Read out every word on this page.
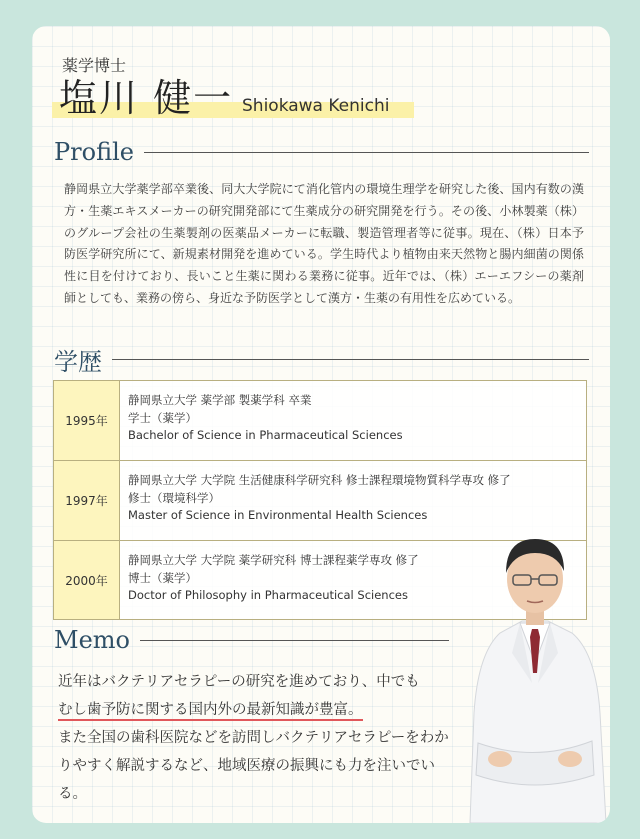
薬学博士
塩川 健一 Shiokawa Kenichi
Profile
静岡県立大学薬学部卒業後、同大大学院にて消化管内の環境生理学を研究した後、国内有数の漢方・生薬エキスメーカーの研究開発部にて生薬成分の研究開発を行う。その後、小林製薬（株）のグループ会社の生薬製剤の医薬品メーカーに転職、製造管理者等に従事。現在、（株）日本予防医学研究所にて、新規素材開発を進めている。学生時代より植物由来天然物と腸内細菌の関係性に目を付けており、長いこと生薬に関わる業務に従事。近年では、（株）エーエフシーの薬剤師としても、業務の傍ら、身近な予防医学として漢方・生薬の有用性を広めている。
学歴
1995年
静岡県立大学 薬学部 製薬学科 卒業
学士（薬学）
Bachelor of Science in Pharmaceutical Sciences
1997年
静岡県立大学 大学院 生活健康科学研究科 修士課程環境物質科学専攻 修了
修士（環境科学）
Master of Science in Environmental Health Sciences
2000年
静岡県立大学 大学院 薬学研究科 博士課程薬学専攻 修了
博士（薬学）
Doctor of Philosophy in Pharmaceutical Sciences
Memo
近年はバクテリアセラピーの研究を進めており、中でも
むし歯予防に関する国内外の最新知識が豊富。
また全国の歯科医院などを訪問しバクテリアセラピーをわかりやすく解説するなど、地域医療の振興にも力を注いでいる。
